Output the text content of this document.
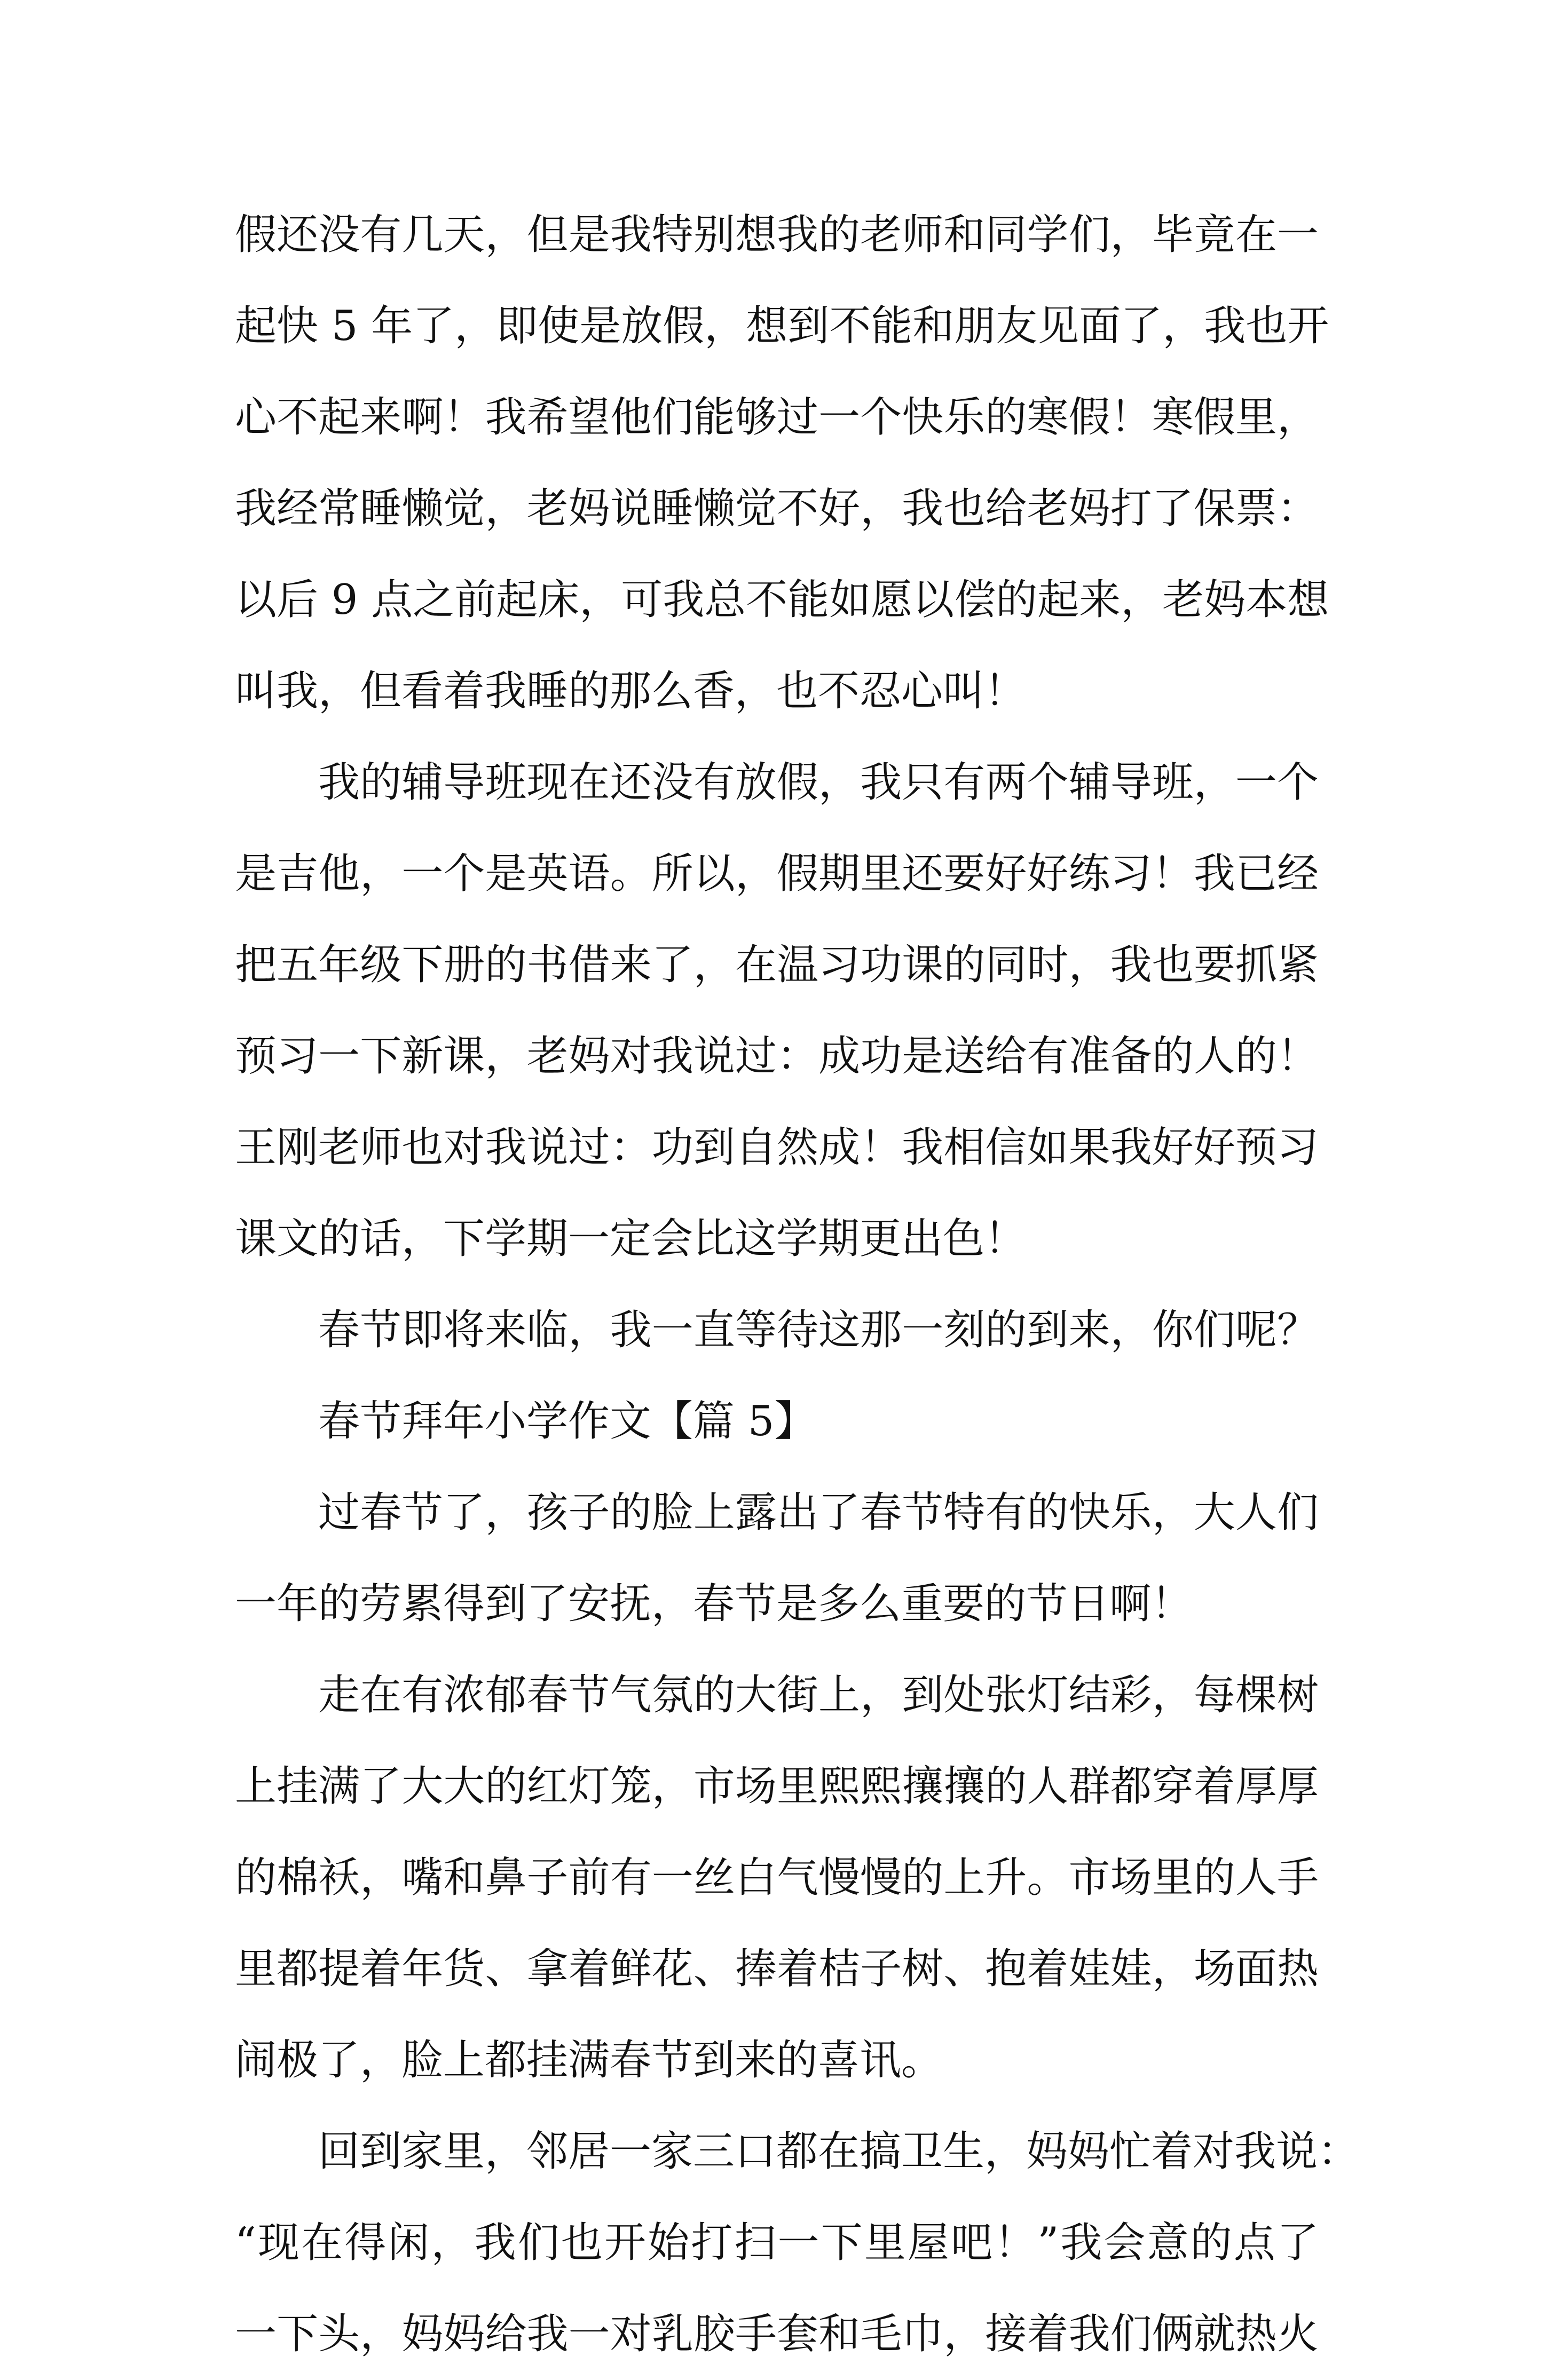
假还没有几天，但是我特别想我的老师和同学们，毕竟在一
起快 5 年了，即使是放假，想到不能和朋友见面了，我也开
心不起来啊！我希望他们能够过一个快乐的寒假！寒假里，
我经常睡懒觉，老妈说睡懒觉不好，我也给老妈打了保票：
以后 9 点之前起床，可我总不能如愿以偿的起来，老妈本想
叫我，但看着我睡的那么香，也不忍心叫！
我的辅导班现在还没有放假，我只有两个辅导班，一个
是吉他，一个是英语。所以，假期里还要好好练习！我已经
把五年级下册的书借来了，在温习功课的同时，我也要抓紧
预习一下新课，老妈对我说过：成功是送给有准备的人的！
王刚老师也对我说过：功到自然成！我相信如果我好好预习
课文的话，下学期一定会比这学期更出色！
春节即将来临，我一直等待这那一刻的到来，你们呢？
春节拜年小学作文【篇 5】
过春节了，孩子的脸上露出了春节特有的快乐，大人们
一年的劳累得到了安抚，春节是多么重要的节日啊！
走在有浓郁春节气氛的大街上，到处张灯结彩，每棵树
上挂满了大大的红灯笼，市场里熙熙攘攘的人群都穿着厚厚
的棉袄，嘴和鼻子前有一丝白气慢慢的上升。市场里的人手
里都提着年货、拿着鲜花、捧着桔子树、抱着娃娃，场面热
闹极了，脸上都挂满春节到来的喜讯。
回到家里，邻居一家三口都在搞卫生，妈妈忙着对我说：
“现在得闲，我们也开始打扫一下里屋吧！”我会意的点了
一下头，妈妈给我一对乳胶手套和毛巾，接着我们俩就热火
